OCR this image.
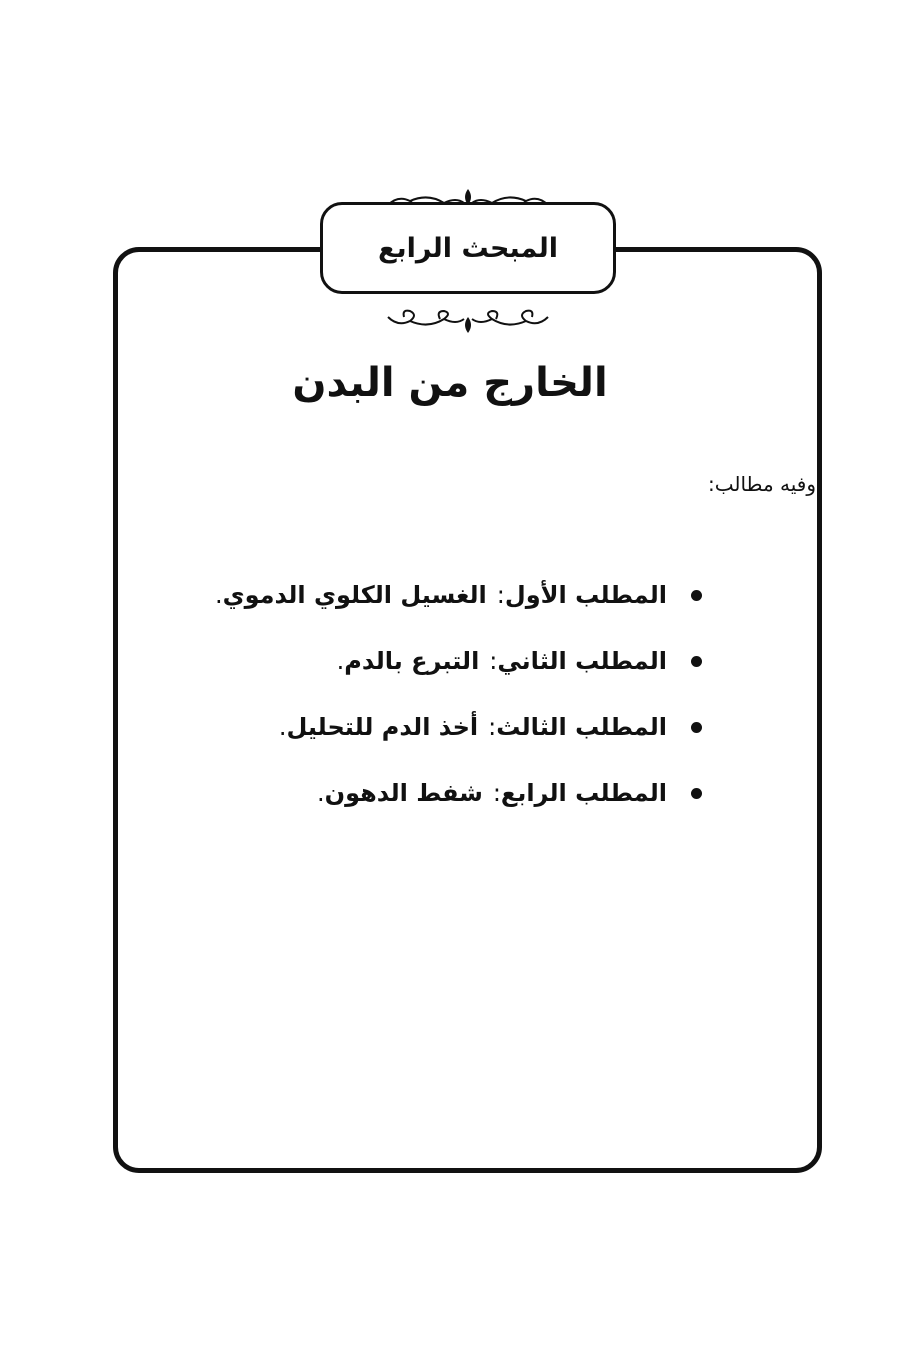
المبحث الرابع
الخارج من البدن

وفيه مطالب:

المطلب الأول
:
الغسيل الكلوي الدموي
.
المطلب الثاني
:
التبرع بالدم
.
المطلب الثالث
:
أخذ الدم للتحليل
.
المطلب الرابع
:
شفط الدهون
.
